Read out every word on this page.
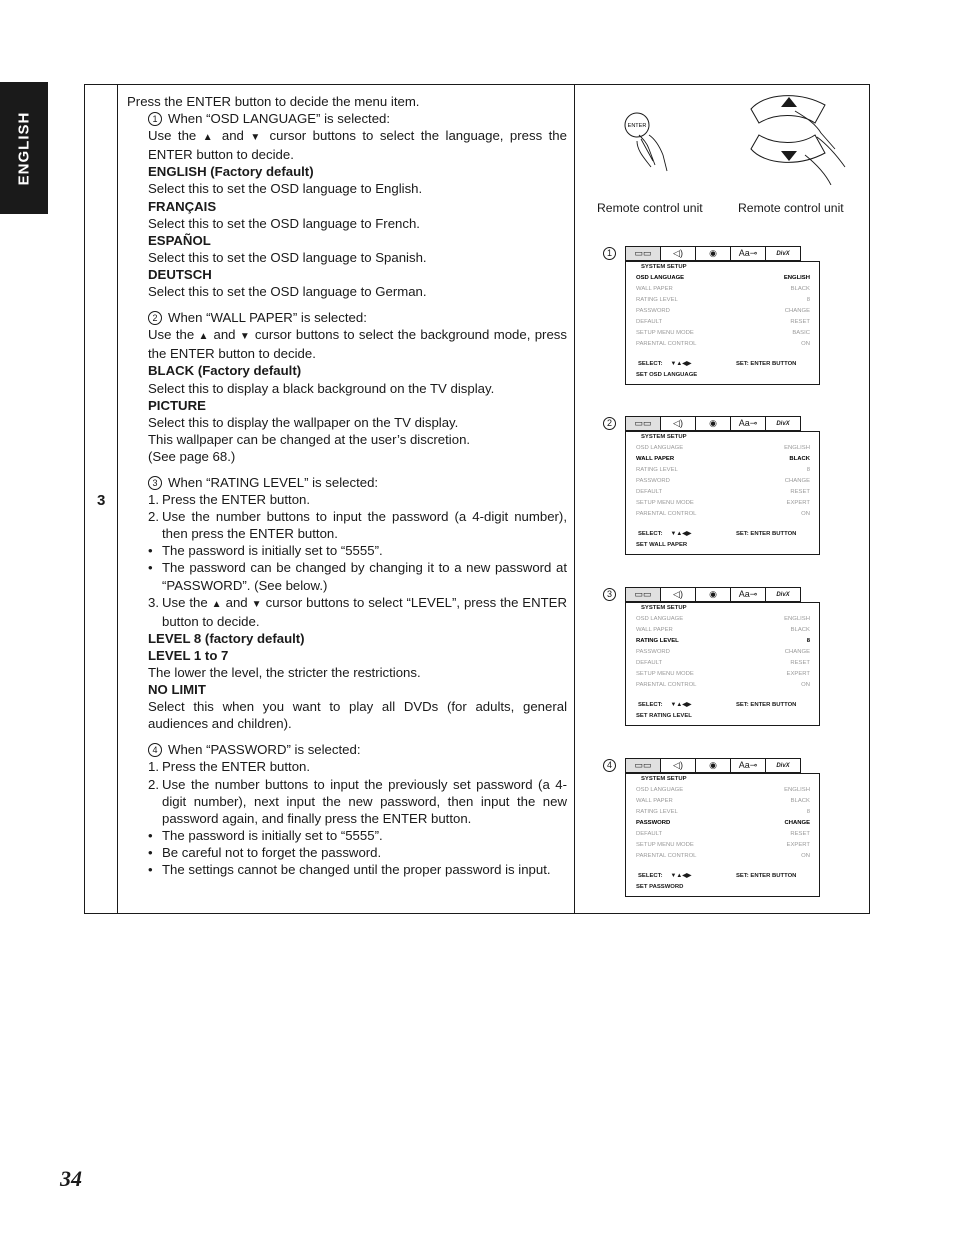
ENGLISH
3

Press the ENTER button to decide the menu item.

1 When “OSD LANGUAGE” is selected:

Use the ▲ and ▼ cursor buttons to select the language, press the ENTER button to decide.

ENGLISH (Factory default)

Select this to set the OSD language to English.

FRANÇAIS

Select this to set the OSD language to French.

ESPAÑOL

Select this to set the OSD language to Spanish.

DEUTSCH

Select this to set the OSD language to German.

2 When “WALL PAPER” is selected:

Use the ▲ and ▼ cursor buttons to select the background mode, press the ENTER button to decide.

BLACK (Factory default)

Select this to display a black background on the TV display.

PICTURE

Select this to display the wallpaper on the TV display.

This wallpaper can be changed at the user’s discretion.

(See page 68.)

3 When “RATING LEVEL” is selected:

1. Press the ENTER button.

2. Use the number buttons to input the password (a 4-digit number), then press the ENTER button.

• The password is initially set to “5555”.

• The password can be changed by changing it to a new password at “PASSWORD”. (See below.)

3. Use the ▲ and ▼ cursor buttons to select “LEVEL”, press the ENTER button to decide.

LEVEL 8 (factory default)

LEVEL 1 to 7

The lower the level, the stricter the restrictions.

NO LIMIT

Select this when you want to play all DVDs (for adults, general audiences and children).

4 When “PASSWORD” is selected:

1. Press the ENTER button.

2. Use the number buttons to input the previously set password (a 4-digit number), next input the new password, then input the new password again, and finally press the ENTER button.

• The password is initially set to “5555”.

• Be careful not to forget the password.

• The settings cannot be changed until the proper password is input.

ENTER
Remote control unit	Remote control unit
1	▭▭	◁)	◉	Aa⊸	DivX
SYSTEM SETUP
OSD LANGUAGE	ENGLISH
WALL PAPER	BLACK
RATING LEVEL	8
PASSWORD	CHANGE
DEFAULT	RESET
SETUP MENU MODE	BASIC
PARENTAL CONTROL	ON
SELECT: ▼▲◀▶	SET: ENTER BUTTON
SET OSD LANGUAGE
2	▭▭	◁)	◉	Aa⊸	DivX
SYSTEM SETUP
OSD LANGUAGE	ENGLISH
WALL PAPER	BLACK
RATING LEVEL	8
PASSWORD	CHANGE
DEFAULT	RESET
SETUP MENU MODE	EXPERT
PARENTAL CONTROL	ON
SELECT: ▼▲◀▶	SET: ENTER BUTTON
SET WALL PAPER
3	▭▭	◁)	◉	Aa⊸	DivX
SYSTEM SETUP
OSD LANGUAGE	ENGLISH
WALL PAPER	BLACK
RATING LEVEL	8
PASSWORD	CHANGE
DEFAULT	RESET
SETUP MENU MODE	EXPERT
PARENTAL CONTROL	ON
SELECT: ▼▲◀▶	SET: ENTER BUTTON
SET RATING LEVEL
4	▭▭	◁)	◉	Aa⊸	DivX
SYSTEM SETUP
OSD LANGUAGE	ENGLISH
WALL PAPER	BLACK
RATING LEVEL	8
PASSWORD	CHANGE
DEFAULT	RESET
SETUP MENU MODE	EXPERT
PARENTAL CONTROL	ON
SELECT: ▼▲◀▶	SET: ENTER BUTTON
SET PASSWORD
34
